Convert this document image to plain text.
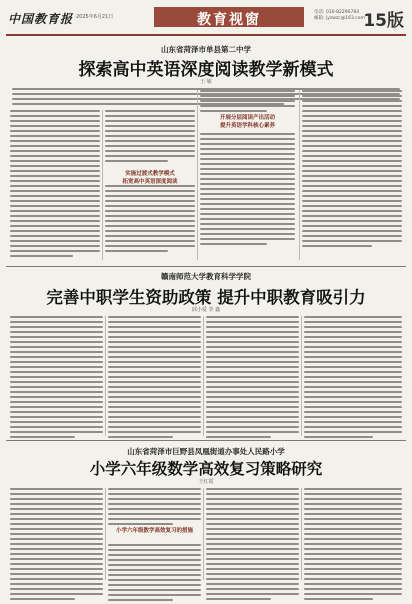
中国教育报 2025年6月21日	教育视窗	电话: 010-82296784
邮箱: jyzwzc@163.com
15版
山东省菏泽市单县第二中学
探索高中英语深度阅读教学新模式
王 敏
实施过渡式教学模式
拓宽高中英语深度阅读
开展分层阅读产出活动
提升英语学科核心素养
赣南师范大学教育科学学院
完善中职学生资助政策 提升中职教育吸引力
邱小爱 李 鑫
山东省菏泽市巨野县凤凰街道办事处人民路小学
小学六年级数学高效复习策略研究
王红霞
小学六年级数学高效复习的措施
